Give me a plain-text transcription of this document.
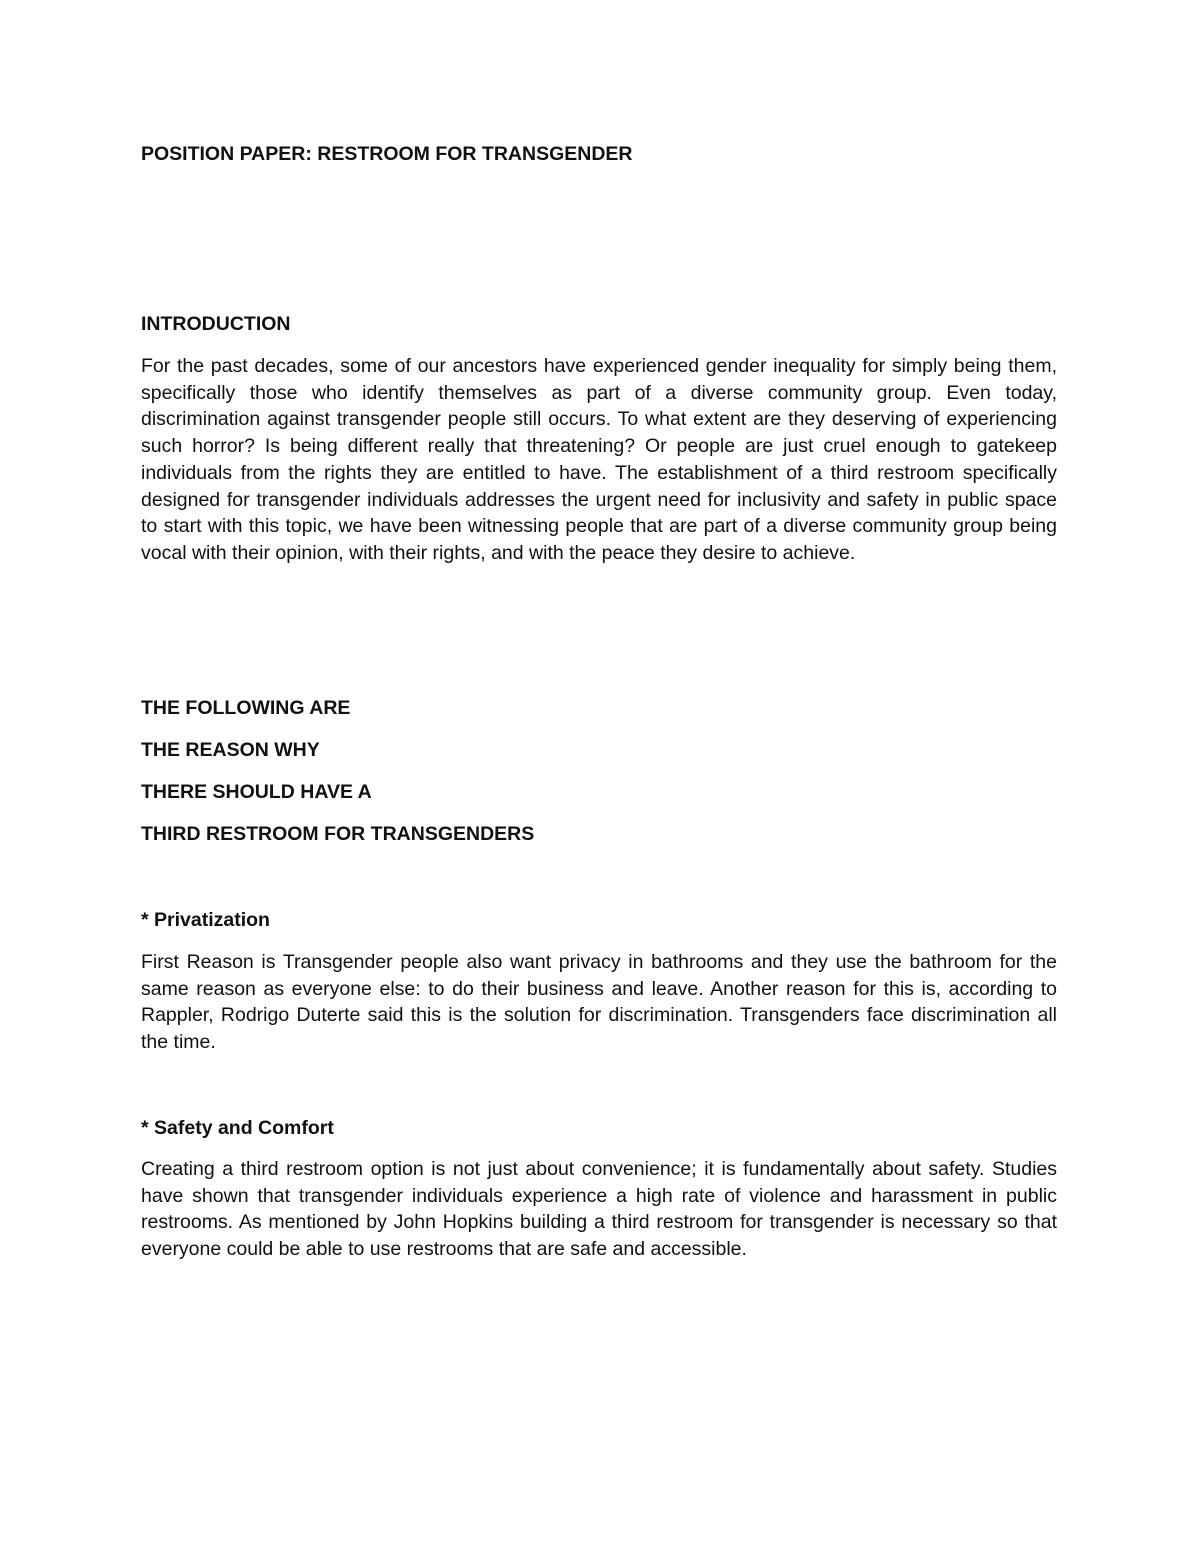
POSITION PAPER: RESTROOM FOR TRANSGENDER
INTRODUCTION

For the past decades, some of our ancestors have experienced gender inequality for simply being them, specifically those who identify themselves as part of a diverse community group. Even today, discrimination against transgender people still occurs. To what extent are they deserving of experiencing such horror? Is being different really that threatening? Or people are just cruel enough to gatekeep individuals from the rights they are entitled to have. The establishment of a third restroom specifically designed for transgender individuals addresses the urgent need for inclusivity and safety in public space to start with this topic, we have been witnessing people that are part of a diverse community group being vocal with their opinion, with their rights, and with the peace they desire to achieve.

THE FOLLOWING ARE

THE REASON WHY

THERE SHOULD HAVE A

THIRD RESTROOM FOR TRANSGENDERS

* Privatization

First Reason is Transgender people also want privacy in bathrooms and they use the bathroom for the same reason as everyone else: to do their business and leave. Another reason for this is, according to Rappler, Rodrigo Duterte said this is the solution for discrimination. Transgenders face discrimination all the time.

* Safety and Comfort

Creating a third restroom option is not just about convenience; it is fundamentally about safety. Studies have shown that transgender individuals experience a high rate of violence and harassment in public restrooms. As mentioned by John Hopkins building a third restroom for transgender is necessary so that everyone could be able to use restrooms that are safe and accessible.
